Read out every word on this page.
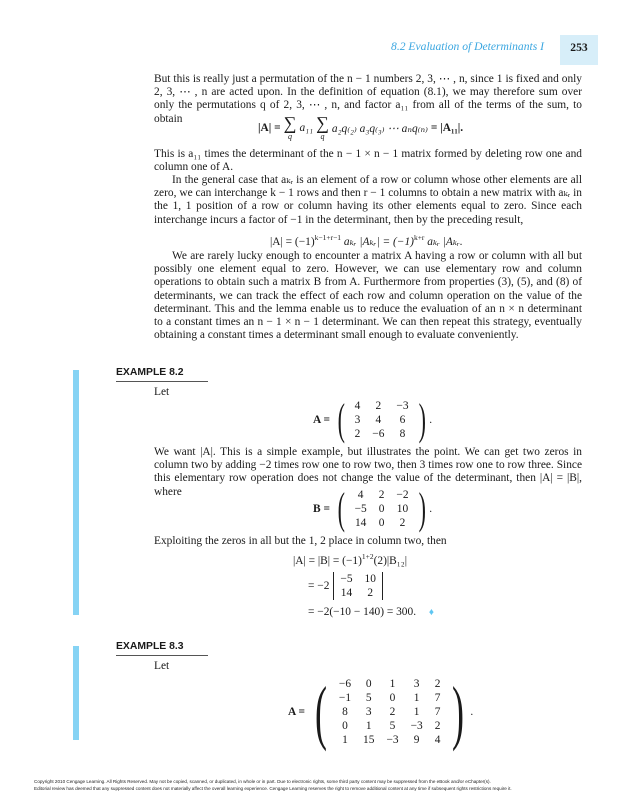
8.2 Evaluation of Determinants I	253
But this is really just a permutation of the n − 1 numbers 2, 3, ⋯ , n, since 1 is fixed and only 2, 3, ⋯ , n are acted upon. In the definition of equation (8.1), we may therefore sum over only the permutations q of 2, 3, ⋯ , n, and factor a₁₁ from all of the terms of the sum, to obtain
|A| = ∑
q
a₁₁ ∑
q
a₂q₍₂₎ a₃q₍₃₎ ⋯ aₙq₍ₙ₎ = |A₁₁|.
This is a₁₁ times the determinant of the n − 1 × n − 1 matrix formed by deleting row one and column one of A.
In the general case that aₖᵣ is an element of a row or column whose other elements are all zero, we can interchange k − 1 rows and then r − 1 columns to obtain a new matrix with aₖᵣ in the 1, 1 position of a row or column having its other elements equal to zero. Since each interchange incurs a factor of −1 in the determinant, then by the preceding result,
$|A| = (-1)^{k-1+r-1}$ aₖᵣ |Aₖᵣ| = $(-1)^{k+r}$ aₖᵣ |Aₖᵣ.
We are rarely lucky enough to encounter a matrix A having a row or column with all but possibly one element equal to zero. However, we can use elementary row and column operations to obtain such a matrix B from A. Furthermore from properties (3), (5), and (8) of determinants, we can track the effect of each row and column operation on the value of the determinant. This and the lemma enable us to reduce the evaluation of an n × n determinant to a constant times an n − 1 × n − 1 determinant. We can then repeat this strategy, eventually obtaining a constant times a determinant small enough to evaluate conveniently.
EXAMPLE 8.2
Let
A = ( 4	2	−3
3	4	6
2	−6	8 ) .
We want |A|. This is a simple example, but illustrates the point. We can get two zeros in column two by adding −2 times row one to row two, then 3 times row one to row three. Since this elementary row operation does not change the value of the determinant, then |A| = |B|, where
B = ( 4	2	−2
−5	0	10
14	0	2 ) .
Exploiting the zeros in all but the 1, 2 place in column two, then
$|A| = |B| = (-1)^{1+2}(2)|B_{12}|$
= −2
−5	10
14	2
= −2(−10 − 140) = 300. ♦
EXAMPLE 8.3
Let
A = ( −6	0	1	3	2
−1	5	0	1	7
8	3	2	1	7
0	1	5	−3	2
1	15	−3	9	4 ) .
Copyright 2010 Cengage Learning. All Rights Reserved. May not be copied, scanned, or duplicated, in whole or in part. Due to electronic rights, some third party content may be suppressed from the eBook and/or eChapter(s).
Editorial review has deemed that any suppressed content does not materially affect the overall learning experience. Cengage Learning reserves the right to remove additional content at any time if subsequent rights restrictions require it.
